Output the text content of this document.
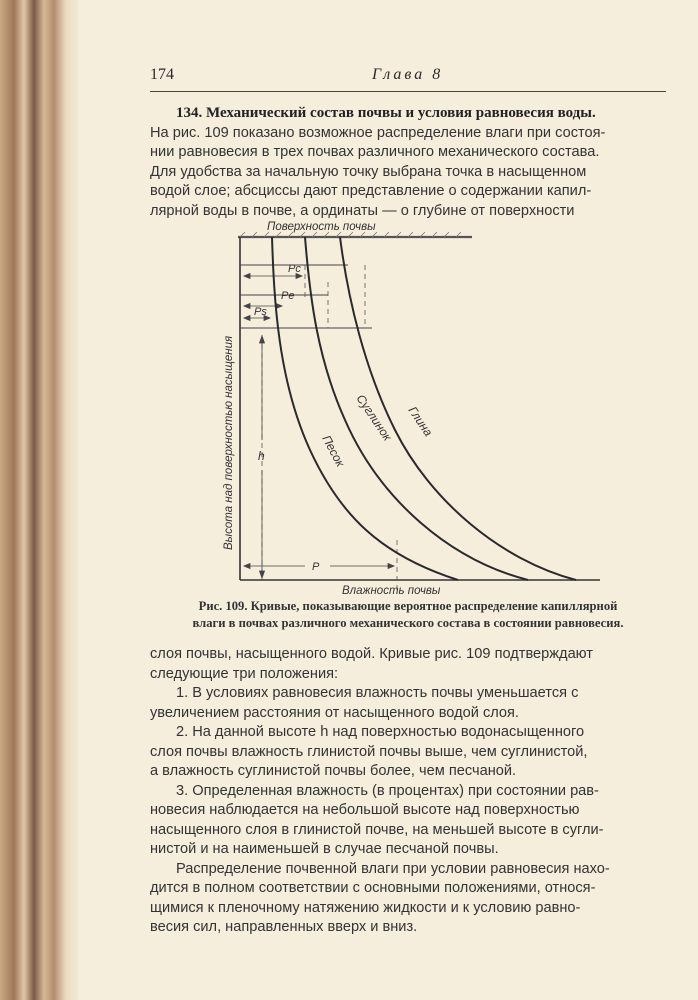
174	Глава 8
134. Механический состав почвы и условия равновесия воды.
На рис. 109 показано возможное распределение влаги при состоя-
нии равновесия в трех почвах различного механического состава.
Для удобства за начальную точку выбрана точка в насыщенном
водой слое; абсциссы дают представление о содержании капил-
лярной воды в почве, а ординаты — о глубине от поверхности
Поверхность почвы
Высота над поверхностью насыщения
Pc
Pe
Ps
h
P
Песок
Суглинок Глина
Влажность почвы
Рис. 109. Кривые, показывающие вероятное распределение капиллярной
влаги в почвах различного механического состава в состоянии равновесия.
слоя почвы, насыщенного водой. Кривые рис. 109 подтверждают
следующие три положения:
1. В условиях равновесия влажность почвы уменьшается с
увеличением расстояния от насыщенного водой слоя.
2. На данной высоте h над поверхностью водонасыщенного
слоя почвы влажность глинистой почвы выше, чем суглинистой,
а влажность суглинистой почвы более, чем песчаной.
3. Определенная влажность (в процентах) при состоянии рав-
новесия наблюдается на небольшой высоте над поверхностью
насыщенного слоя в глинистой почве, на меньшей высоте в сугли-
нистой и на наименьшей в случае песчаной почвы.
Распределение почвенной влаги при условии равновесия нахо-
дится в полном соответствии с основными положениями, относя-
щимися к пленочному натяжению жидкости и к условию равно-
весия сил, направленных вверх и вниз.
